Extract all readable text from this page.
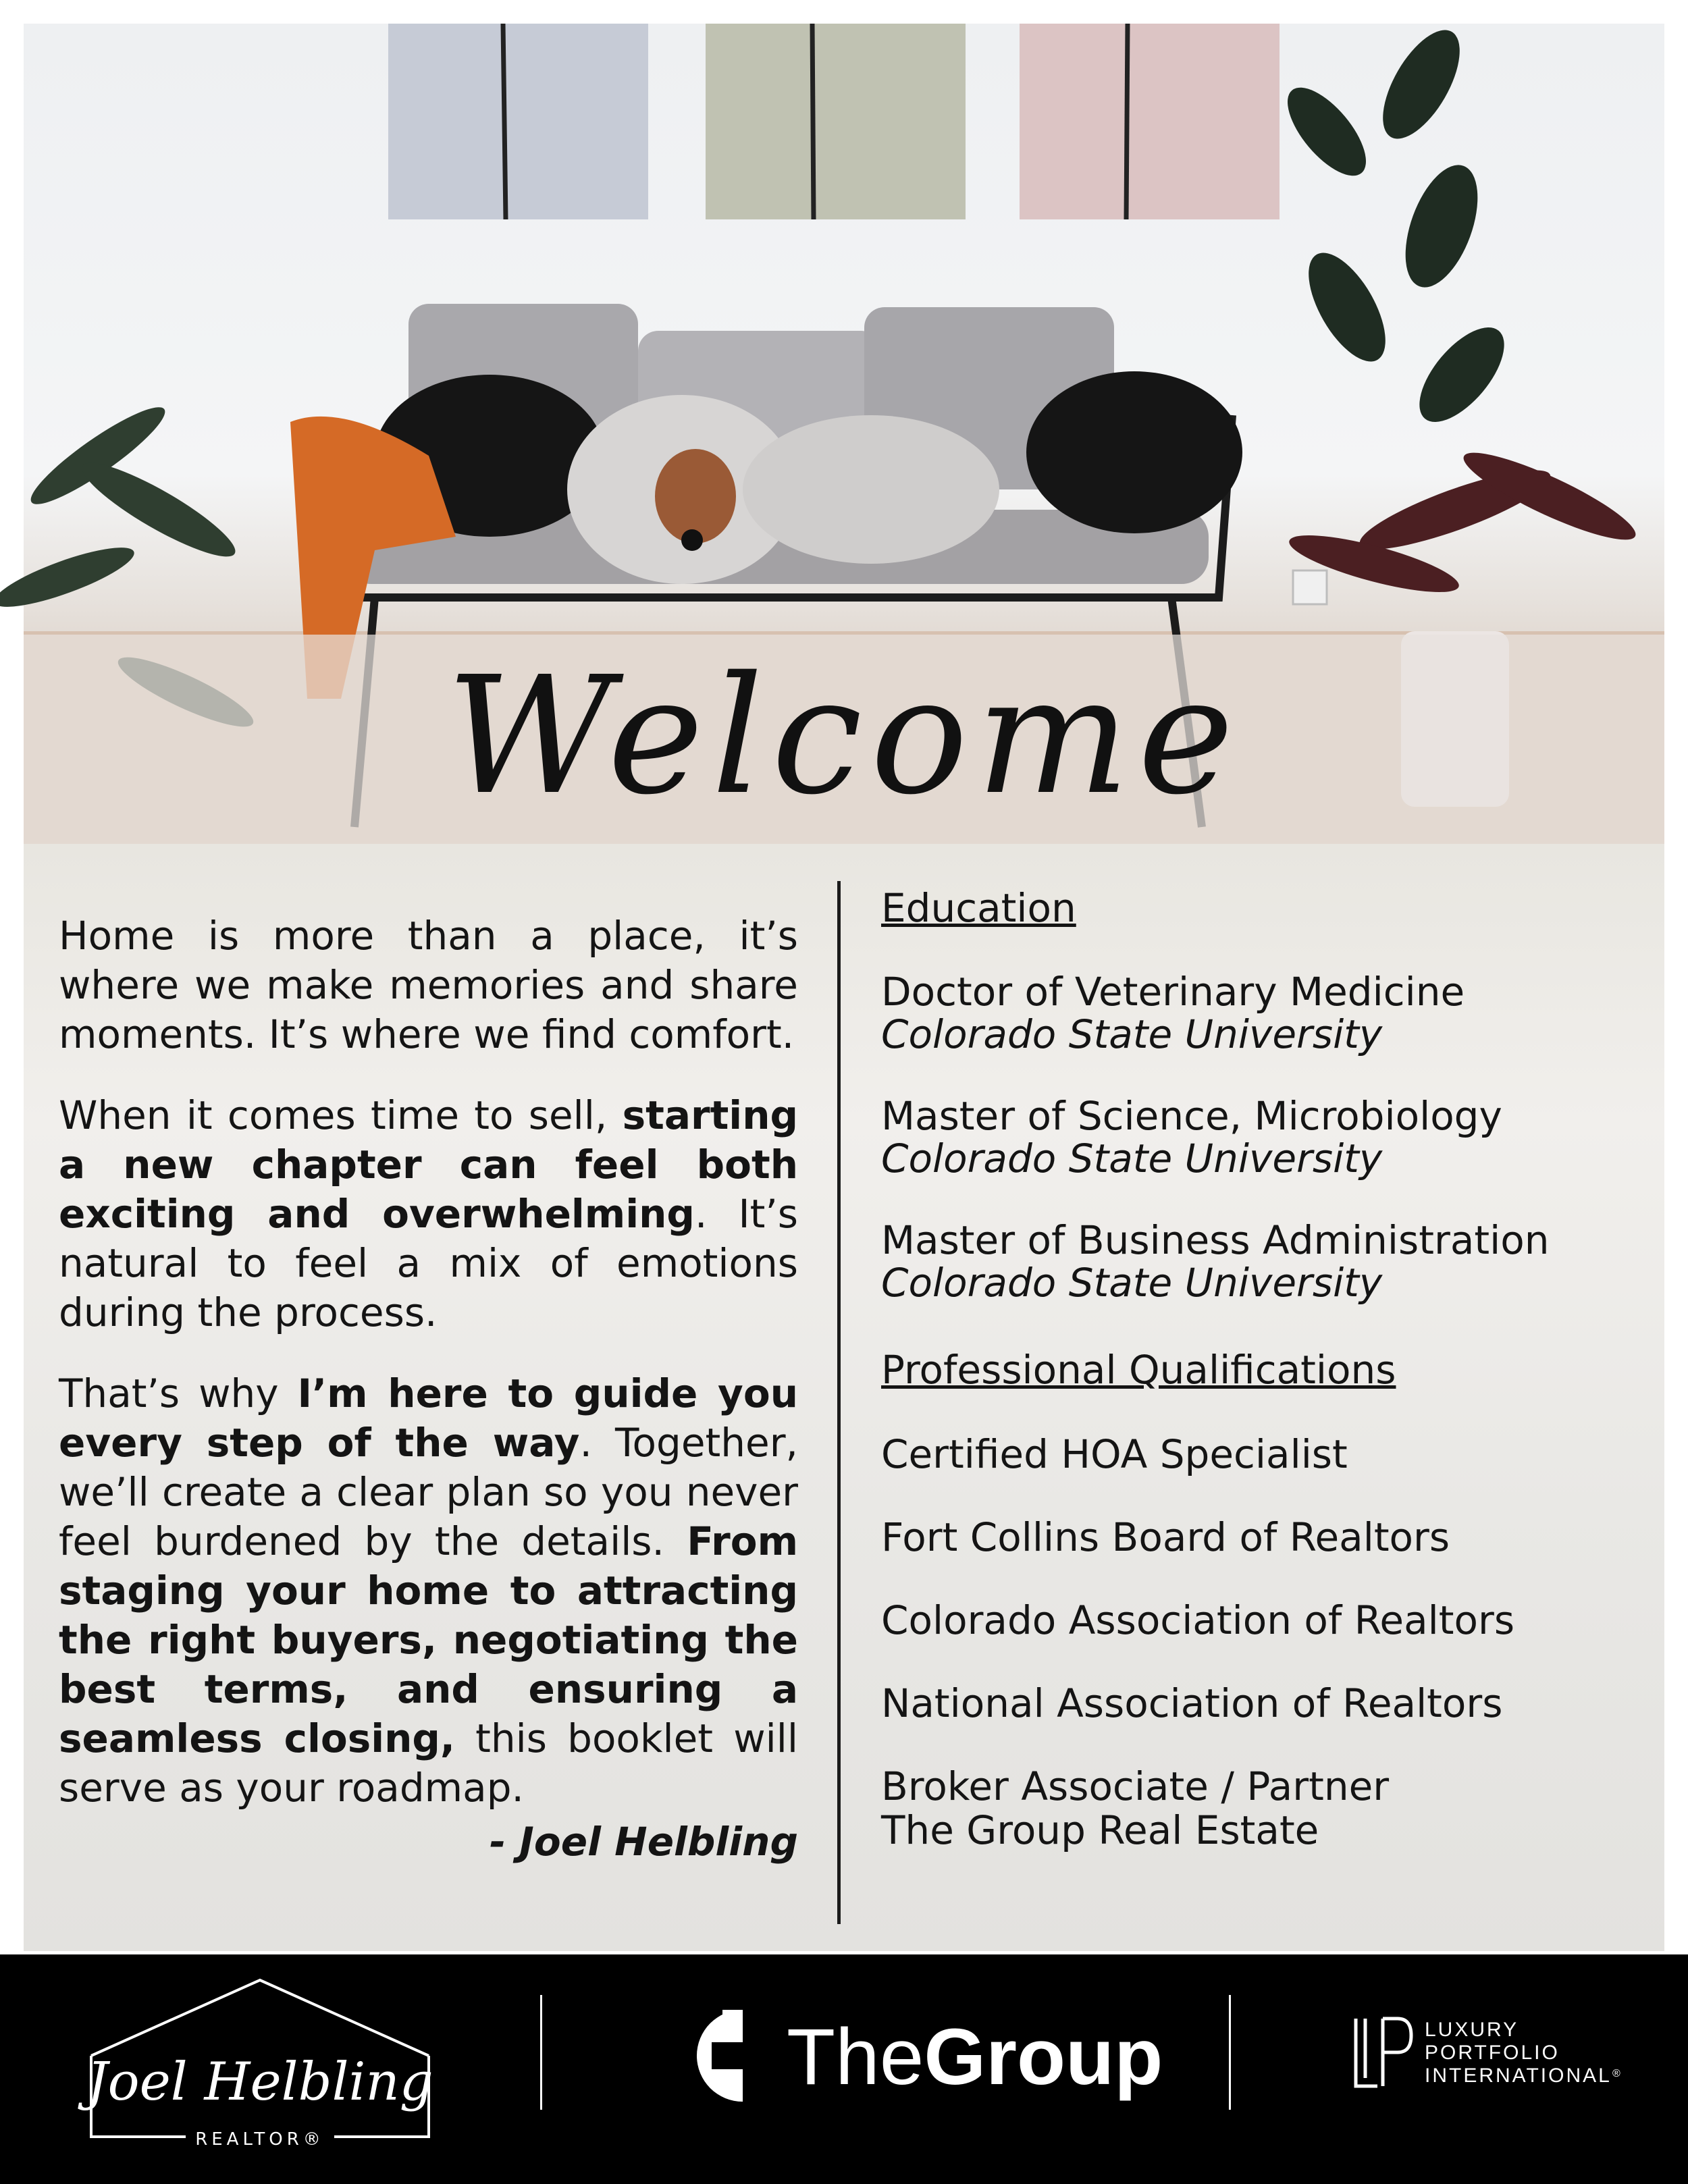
Welcome

Home is more than a place, it’s where we make memories and share moments. It’s where we find comfort.

When it comes time to sell, starting a new chapter can feel both exciting and overwhelming. It’s natural to feel a mix of emotions during the process.

That’s why I’m here to guide you every step of the way. Together, we’ll create a clear plan so you never feel burdened by the details. From staging your home to attracting the right buyers, negotiating the best terms, and ensuring a seamless closing, this booklet will serve as your roadmap.

- Joel Helbling
Education
Doctor of Veterinary Medicine
Colorado State University
Master of Science, Microbiology
Colorado State University
Master of Business Administration
Colorado State University
Professional Qualifications
Certified HOA Specialist
Fort Collins Board of Realtors
Colorado Association of Realtors
National Association of Realtors
Broker Associate / Partner
The Group Real Estate
Joel Helbling
REALTOR®
TheGroup	LUXURY
PORTFOLIO
INTERNATIONAL ®
